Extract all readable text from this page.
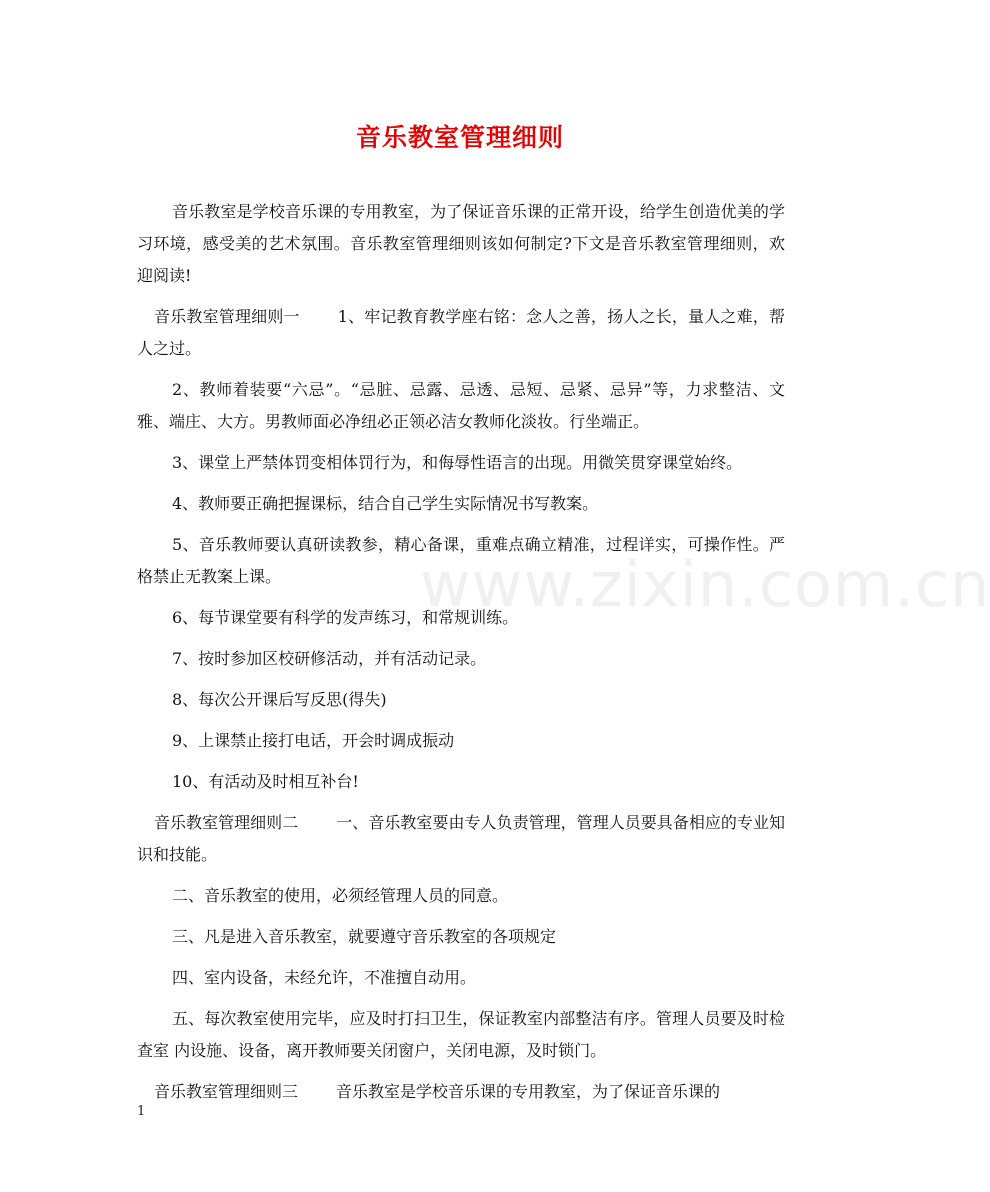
音乐教室管理细则

音乐教室是学校音乐课的专用教室，为了保证音乐课的正常开设，给学生创造优美的学习环境，感受美的艺术氛围。音乐教室管理细则该如何制定?下文是音乐教室管理细则，欢迎阅读!

音乐教室管理细则一 1、牢记教育教学座右铭：念人之善，扬人之长，量人之难，帮人之过。

2、教师着装要“六忌”。“忌脏、忌露、忌透、忌短、忌紧、忌异”等，力求整洁、文雅、端庄、大方。男教师面必净纽必正领必洁女教师化淡妆。行坐端正。

3、课堂上严禁体罚变相体罚行为，和侮辱性语言的出现。用微笑贯穿课堂始终。

4、教师要正确把握课标，结合自己学生实际情况书写教案。

5、音乐教师要认真研读教参，精心备课，重难点确立精准，过程详实，可操作性。严格禁止无教案上课。

6、每节课堂要有科学的发声练习，和常规训练。

7、按时参加区校研修活动，并有活动记录。

8、每次公开课后写反思(得失)

9、上课禁止接打电话，开会时调成振动

10、有活动及时相互补台!

音乐教室管理细则二 一、音乐教室要由专人负责管理，管理人员要具备相应的专业知识和技能。

二、音乐教室的使用，必须经管理人员的同意。

三、凡是进入音乐教室，就要遵守音乐教室的各项规定

四、室内设备，未经允许，不准擅自动用。

五、每次教室使用完毕，应及时打扫卫生，保证教室内部整洁有序。管理人员要及时检查室 内设施、设备，离开教师要关闭窗户，关闭电源，及时锁门。

音乐教室管理细则三 音乐教室是学校音乐课的专用教室，为了保证音乐课的

www.zixin.com.cn
1
